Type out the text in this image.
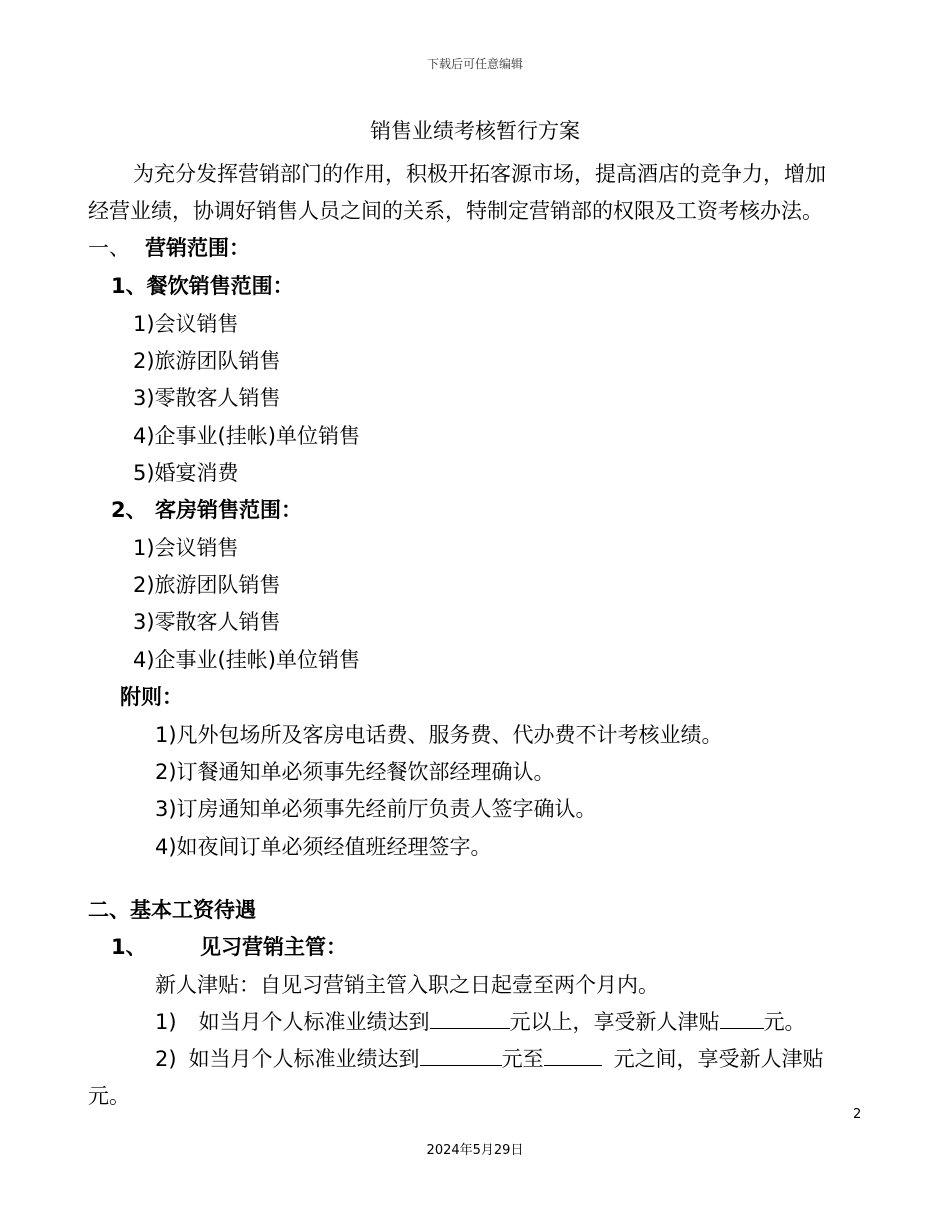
下载后可任意编辑
销售业绩考核暂行方案
为充分发挥营销部门的作用，积极开拓客源市场，提高酒店的竞争力，增加
经营业绩，协调好销售人员之间的关系，特制定营销部的权限及工资考核办法。
一、 营销范围：
1、餐饮销售范围：
1)会议销售
2)旅游团队销售
3)零散客人销售
4)企事业(挂帐)单位销售
5)婚宴消费
2、 客房销售范围：
1)会议销售
2)旅游团队销售
3)零散客人销售
4)企事业(挂帐)单位销售
附则：
1)凡外包场所及客房电话费、服务费、代办费不计考核业绩。
2)订餐通知单必须事先经餐饮部经理确认。
3)订房通知单必须事先经前厅负责人签字确认。
4)如夜间订单必须经值班经理签字。
二、基本工资待遇
1、	见习营销主管：
新人津贴：自见习营销主管入职之日起壹至两个月内。
1) 如当月个人标准业绩达到	元以上，享受新人津贴 元。
2) 如当月个人标准业绩达到	元至	元之间，享受新人津贴
元。
2
2024年5月29日
